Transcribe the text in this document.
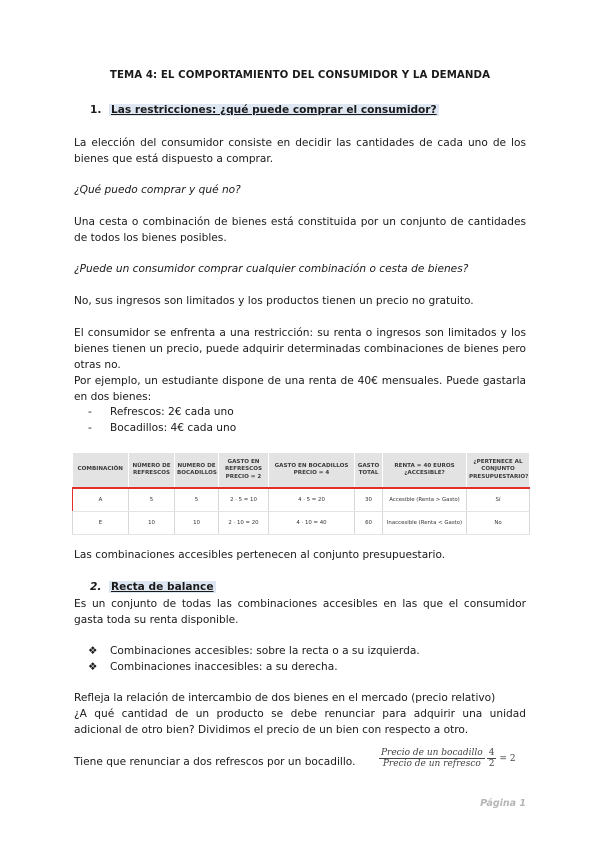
TEMA 4: EL COMPORTAMIENTO DEL CONSUMIDOR Y LA DEMANDA
1. Las restricciones: ¿qué puede comprar el consumidor?
La elección del consumidor consiste en decidir las cantidades de cada uno de los bienes que está dispuesto a comprar.
¿Qué puedo comprar y qué no?
Una cesta o combinación de bienes está constituida por un conjunto de cantidades de todos los bienes posibles.
¿Puede un consumidor comprar cualquier combinación o cesta de bienes?
No, sus ingresos son limitados y los productos tienen un precio no gratuito.
El consumidor se enfrenta a una restricción: su renta o ingresos son limitados y los bienes tienen un precio, puede adquirir determinadas combinaciones de bienes pero otras no.
Por ejemplo, un estudiante dispone de una renta de 40€ mensuales. Puede gastarla en dos bienes:
- Refrescos: 2€ cada uno
- Bocadillos: 4€ cada uno
COMBINACIÓN	NÚMERO DE REFRESCOS	NUMERO DE BOCADILLOS	GASTO EN REFRESCOS PRECIO = 2	GASTO EN BOCADILLOS PRECIO = 4	GASTO TOTAL	RENTA = 40 EUROS ¿ACCESIBLE?	¿PERTENECE AL CONJUNTO PRESUPUESTARIO?
A	5	5	2 · 5 = 10	4 · 5 = 20	30	Accesible (Renta > Gasto)	Sí
E	10	10	2 · 10 = 20	4 · 10 = 40	60	Inaccesible (Renta < Gasto)	No
Las combinaciones accesibles pertenecen al conjunto presupuestario.
2. Recta de balance
Es un conjunto de todas las combinaciones accesibles en las que el consumidor gasta toda su renta disponible.
❖ Combinaciones accesibles: sobre la recta o a su izquierda.
❖ Combinaciones inaccesibles: a su derecha.
Refleja la relación de intercambio de dos bienes en el mercado (precio relativo)
¿A qué cantidad de un producto se debe renunciar para adquirir una unidad adicional de otro bien? Dividimos el precio de un bien con respecto a otro.
Tiene que renunciar a dos refrescos por un bocadillo.
Precio de un bocadillo
Precio de un refresco $\frac{4}{2} = 2$
Página 1
